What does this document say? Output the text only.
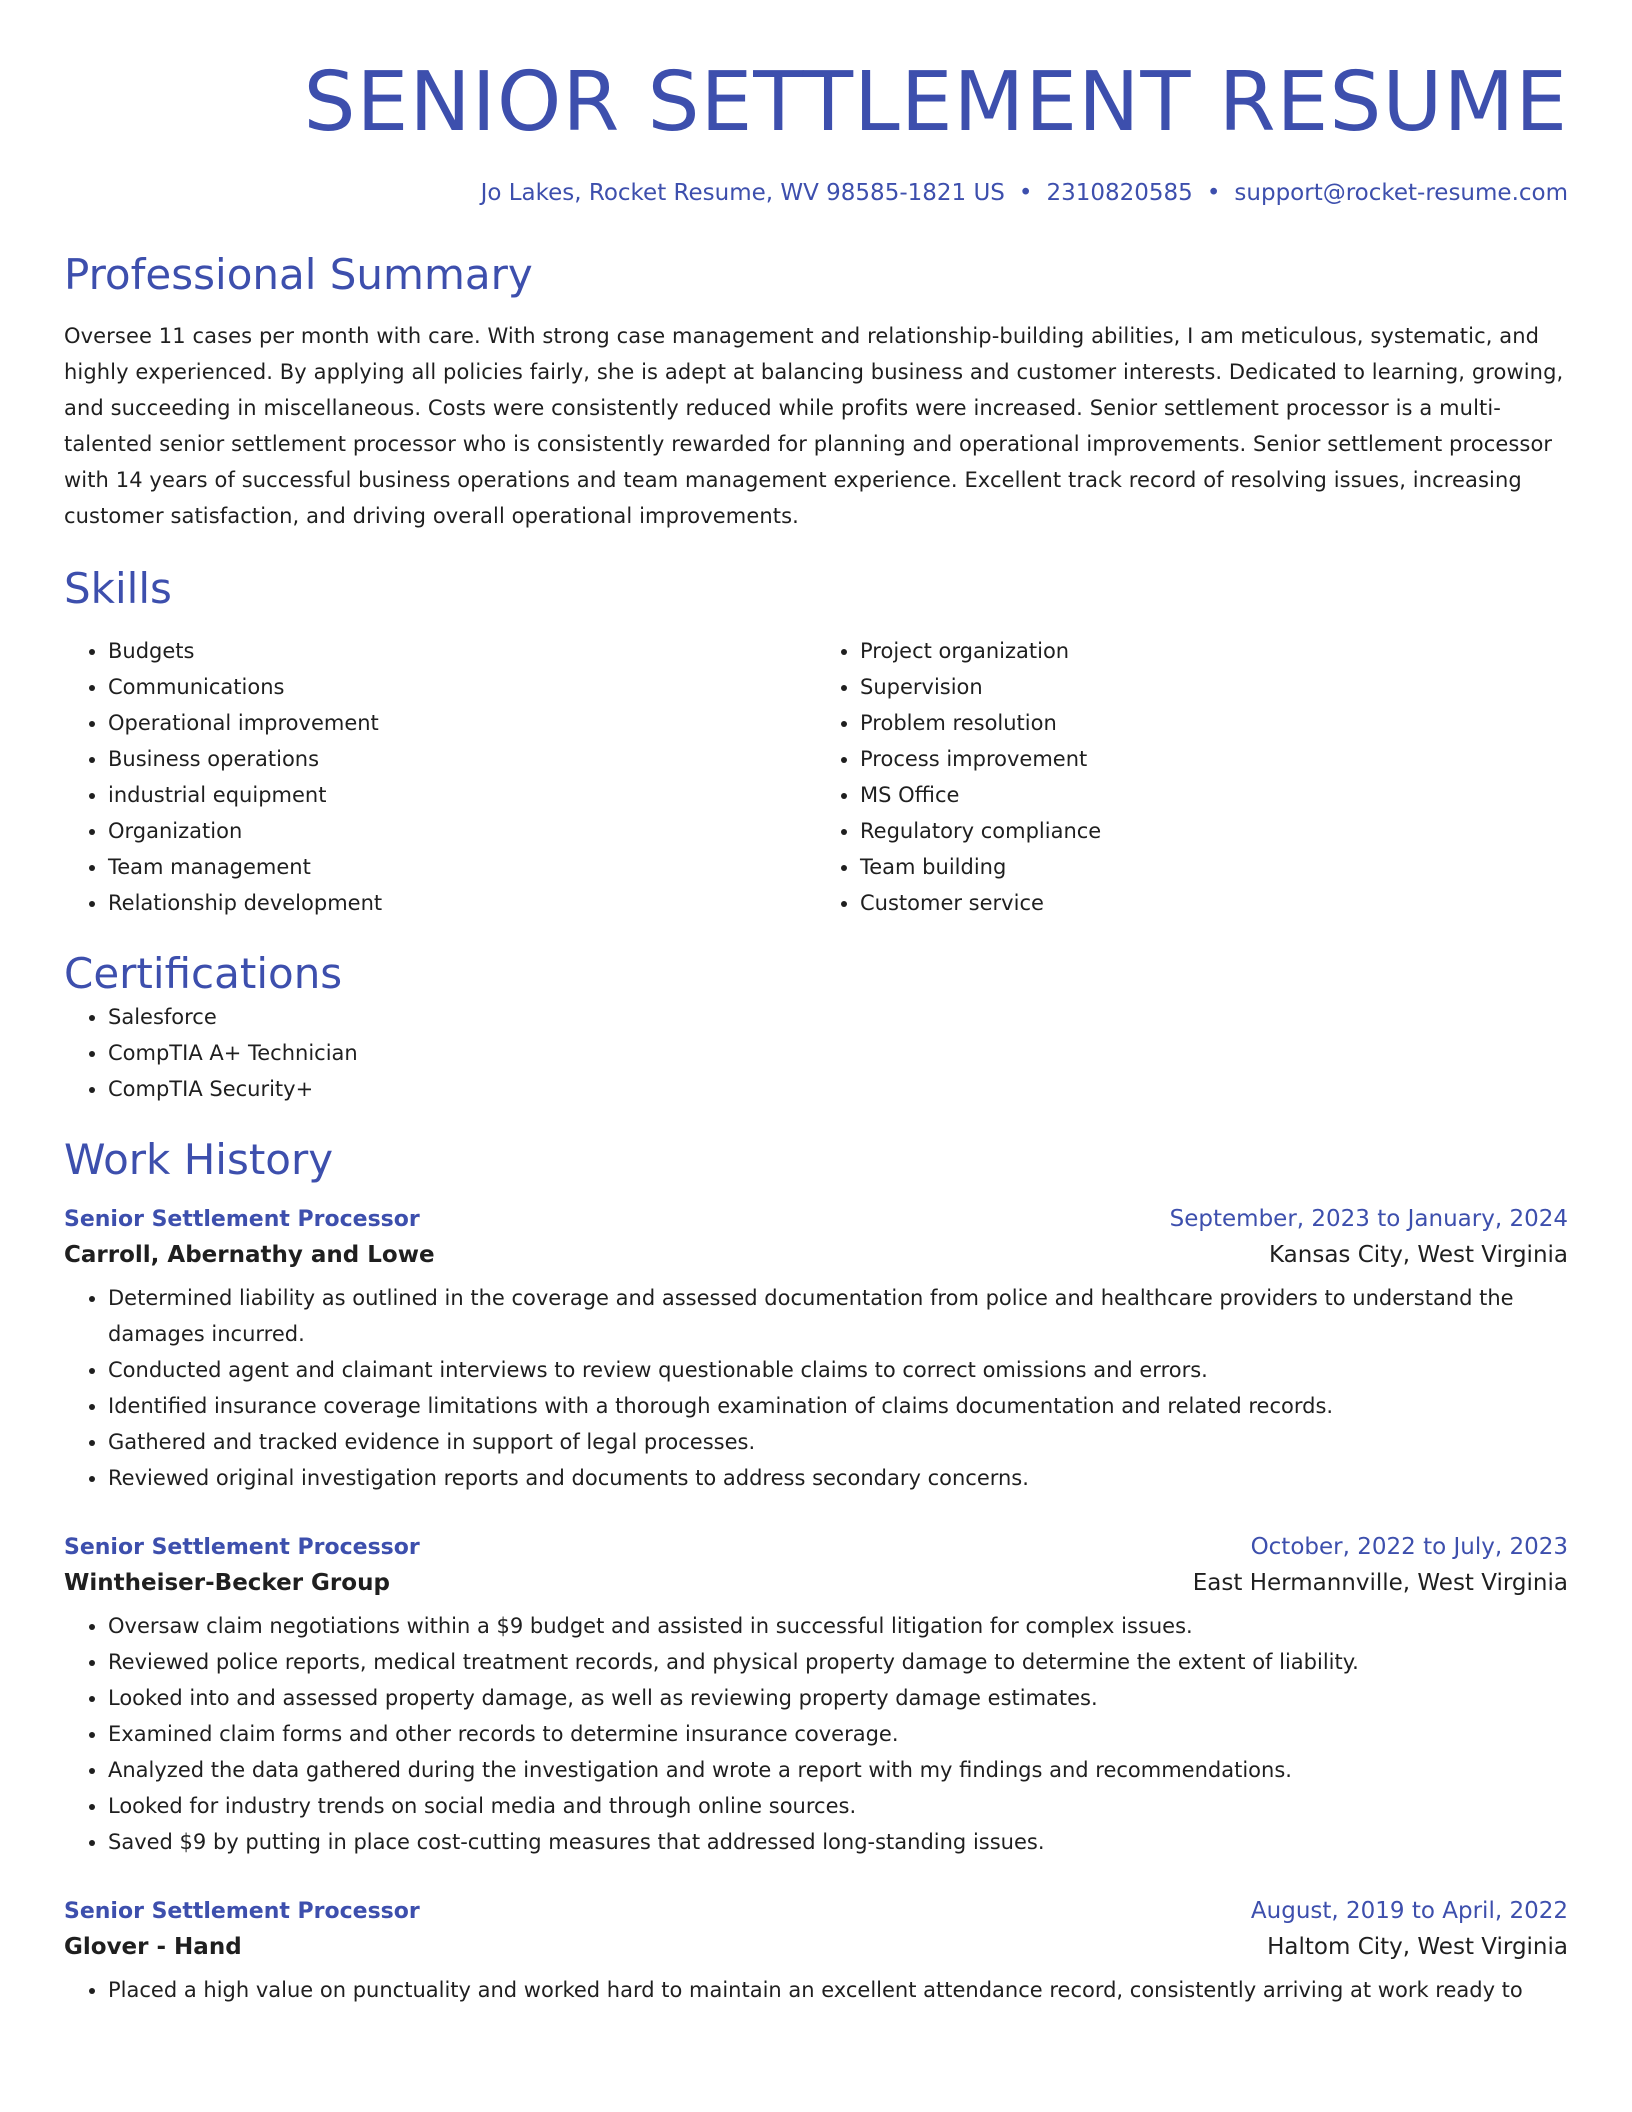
SENIOR SETTLEMENT RESUME
Jo Lakes, Rocket Resume, WV 98585-1821 US • 2310820585 • support@rocket-resume.com
Professional Summary
Oversee 11 cases per month with care. With strong case management and relationship-building abilities, I am meticulous, systematic, and highly experienced. By applying all policies fairly, she is adept at balancing business and customer interests. Dedicated to learning, growing, and succeeding in miscellaneous. Costs were consistently reduced while profits were increased. Senior settlement processor is a multi-talented senior settlement processor who is consistently rewarded for planning and operational improvements. Senior settlement processor with 14 years of successful business operations and team management experience. Excellent track record of resolving issues, increasing customer satisfaction, and driving overall operational improvements.
Skills
• Budgets
• Communications
• Operational improvement
• Business operations
• industrial equipment
• Organization
• Team management
• Relationship development
• Project organization
• Supervision
• Problem resolution
• Process improvement
• MS Office
• Regulatory compliance
• Team building
• Customer service
Certifications
• Salesforce
• CompTIA A+ Technician
• CompTIA Security+
Work History
Senior Settlement Processor	September, 2023 to January, 2024
Carroll, Abernathy and Lowe	Kansas City, West Virginia
• Determined liability as outlined in the coverage and assessed documentation from police and healthcare providers to understand the damages incurred.
• Conducted agent and claimant interviews to review questionable claims to correct omissions and errors.
• Identified insurance coverage limitations with a thorough examination of claims documentation and related records.
• Gathered and tracked evidence in support of legal processes.
• Reviewed original investigation reports and documents to address secondary concerns.
Senior Settlement Processor	October, 2022 to July, 2023
Wintheiser-Becker Group	East Hermannville, West Virginia
• Oversaw claim negotiations within a $9 budget and assisted in successful litigation for complex issues.
• Reviewed police reports, medical treatment records, and physical property damage to determine the extent of liability.
• Looked into and assessed property damage, as well as reviewing property damage estimates.
• Examined claim forms and other records to determine insurance coverage.
• Analyzed the data gathered during the investigation and wrote a report with my findings and recommendations.
• Looked for industry trends on social media and through online sources.
• Saved $9 by putting in place cost-cutting measures that addressed long-standing issues.
Senior Settlement Processor	August, 2019 to April, 2022
Glover - Hand	Haltom City, West Virginia
• Placed a high value on punctuality and worked hard to maintain an excellent attendance record, consistently arriving at work ready to
